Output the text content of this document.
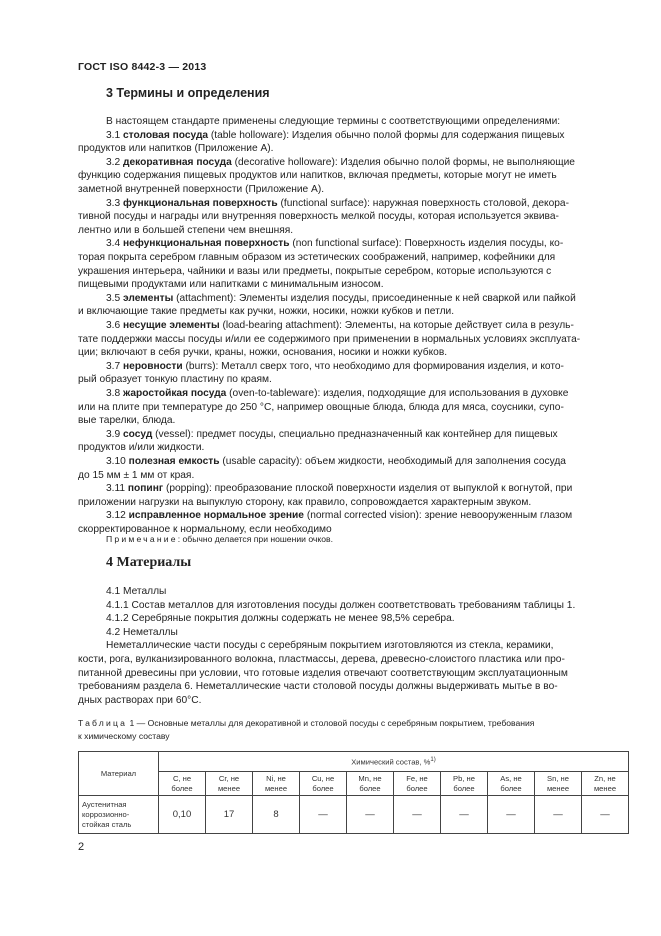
ГОСТ ISO 8442-3 — 2013
3 Термины и определения
В настоящем стандарте применены следующие термины с соответствующими определениями:
3.1 столовая посуда (table holloware): Изделия обычно полой формы для содержания пищевых
продуктов или напитков (Приложение А).
3.2 декоративная посуда (decorative holloware): Изделия обычно полой формы, не выполняющие
функцию содержания пищевых продуктов или напитков, включая предметы, которые могут не иметь
заметной внутренней поверхности (Приложение А).
3.3 функциональная поверхность (functional surface): наружная поверхность столовой, декора-
тивной посуды и награды или внутренняя поверхность мелкой посуды, которая используется эквива-
лентно или в большей степени чем внешняя.
3.4 нефункциональная поверхность (non functional surface): Поверхность изделия посуды, ко-
торая покрыта серебром главным образом из эстетических соображений, например, кофейники для
украшения интерьера, чайники и вазы или предметы, покрытые серебром, которые используются с
пищевыми продуктами или напитками с минимальным износом.
3.5 элементы (attachment): Элементы изделия посуды, присоединенные к ней сваркой или пайкой
и включающие такие предметы как ручки, ножки, носики, ножки кубков и петли.
3.6 несущие элементы (load-bearing attachment): Элементы, на которые действует сила в резуль-
тате поддержки массы посуды и/или ее содержимого при применении в нормальных условиях эксплуата-
ции; включают в себя ручки, краны, ножки, основания, носики и ножки кубков.
3.7 неровности (burrs): Металл сверх того, что необходимо для формирования изделия, и кото-
рый образует тонкую пластину по краям.
3.8 жаростойкая посуда (oven-to-tableware): изделия, подходящие для использования в духовке
или на плите при температуре до 250 °С, например овощные блюда, блюда для мяса, соусники, супо-
вые тарелки, блюда.
3.9 сосуд (vessel): предмет посуды, специально предназначенный как контейнер для пищевых
продуктов и/или жидкости.
3.10 полезная емкость (usable capacity): объем жидкости, необходимый для заполнения сосуда
до 15 мм ± 1 мм от края.
3.11 попинг (popping): преобразование плоской поверхности изделия от выпуклой к вогнутой, при
приложении нагрузки на выпуклую сторону, как правило, сопровождается характерным звуком.
3.12 исправленное нормальное зрение (normal corrected vision): зрение невооруженным глазом
скорректированное к нормальному, если необходимо
Примечание: обычно делается при ношении очков.
4 Материалы
4.1 Металлы
4.1.1 Состав металлов для изготовления посуды должен соответствовать требованиям таблицы 1.
4.1.2 Серебряные покрытия должны содержать не менее 98,5% серебра.
4.2 Неметаллы
Неметаллические части посуды с серебряным покрытием изготовляются из стекла, керамики,
кости, рога, вулканизированного волокна, пластмассы, дерева, древесно-слоистого пластика или про-
питанной древесины при условии, что готовые изделия отвечают соответствующим эксплуатационным
требованиям раздела 6. Неметаллические части столовой посуды должны выдерживать мытье в во-
дных растворах при 60°С.
Таблица 1 — Основные металлы для декоративной и столовой посуды с серебряным покрытием, требования
к химическому составу
Материал	Химический состав, %$^{1)}$
	С, не
более	Cr, не
менее	Ni, не
менее	Cu, не
более	Mn, не
более	Fe, не
более	Pb, не
более	As, не
более	Sn, не
менее	Zn, не
менее
Аустенитная
коррозионно-
стойкая сталь	0,10	17	8	—	—	—	—	—	—	—
2
